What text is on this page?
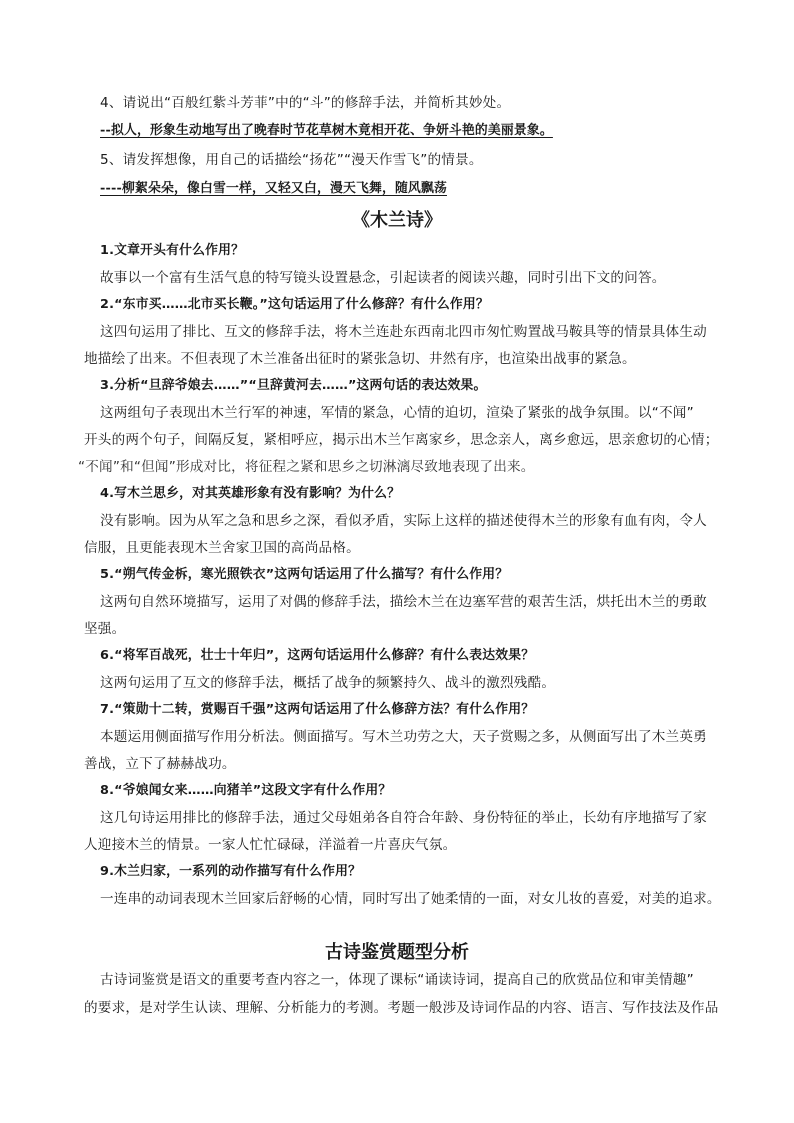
4、请说出“百般红紫斗芳菲”中的“斗”的修辞手法，并简析其妙处。
--拟人，形象生动地写出了晚春时节花草树木竟相开花、争妍斗艳的美丽景象。
5、请发挥想像，用自己的话描绘“扬花”“漫天作雪飞”的情景。
----柳絮朵朵，像白雪一样，又轻又白，漫天飞舞，随风飘荡
《木兰诗》
1.文章开头有什么作用？
故事以一个富有生活气息的特写镜头设置悬念，引起读者的阅读兴趣，同时引出下文的问答。
2.“东市买……北市买长鞭。”这句话运用了什么修辞？有什么作用？
这四句运用了排比、互文的修辞手法，将木兰连赴东西南北四市匆忙购置战马鞍具等的情景具体生动
地描绘了出来。不但表现了木兰准备出征时的紧张急切、井然有序，也渲染出战事的紧急。
3.分析“旦辞爷娘去……”“旦辞黄河去……”这两句话的表达效果。
这两组句子表现出木兰行军的神速，军情的紧急，心情的迫切，渲染了紧张的战争氛围。以“不闻”
开头的两个句子，间隔反复，紧相呼应，揭示出木兰乍离家乡，思念亲人，离乡愈远，思亲愈切的心情；
“不闻”和“但闻”形成对比，将征程之紧和思乡之切淋漓尽致地表现了出来。
4.写木兰思乡，对其英雄形象有没有影响？为什么？
没有影响。因为从军之急和思乡之深，看似矛盾，实际上这样的描述使得木兰的形象有血有肉，令人
信服，且更能表现木兰舍家卫国的高尚品格。
5.“朔气传金柝，寒光照铁衣”这两句话运用了什么描写？有什么作用？
这两句自然环境描写，运用了对偶的修辞手法，描绘木兰在边塞军营的艰苦生活，烘托出木兰的勇敢
坚强。
6.“将军百战死，壮士十年归”，这两句话运用什么修辞？有什么表达效果？
这两句运用了互文的修辞手法，概括了战争的频繁持久、战斗的激烈残酷。
7.“策勋十二转，赏赐百千强”这两句话运用了什么修辞方法？有什么作用？
本题运用侧面描写作用分析法。侧面描写。写木兰功劳之大，天子赏赐之多，从侧面写出了木兰英勇
善战，立下了赫赫战功。
8.“爷娘闻女来……向猪羊”这段文字有什么作用？
这几句诗运用排比的修辞手法，通过父母姐弟各自符合年龄、身份特征的举止，长幼有序地描写了家
人迎接木兰的情景。一家人忙忙碌碌，洋溢着一片喜庆气氛。
9.木兰归家，一系列的动作描写有什么作用？
一连串的动词表现木兰回家后舒畅的心情，同时写出了她柔情的一面，对女儿妆的喜爱，对美的追求。
古诗鉴赏题型分析
古诗词鉴赏是语文的重要考查内容之一，体现了课标“诵读诗词，提高自己的欣赏品位和审美情趣”
的要求，是对学生认读、理解、分析能力的考测。考题一般涉及诗词作品的内容、语言、写作技法及作品
